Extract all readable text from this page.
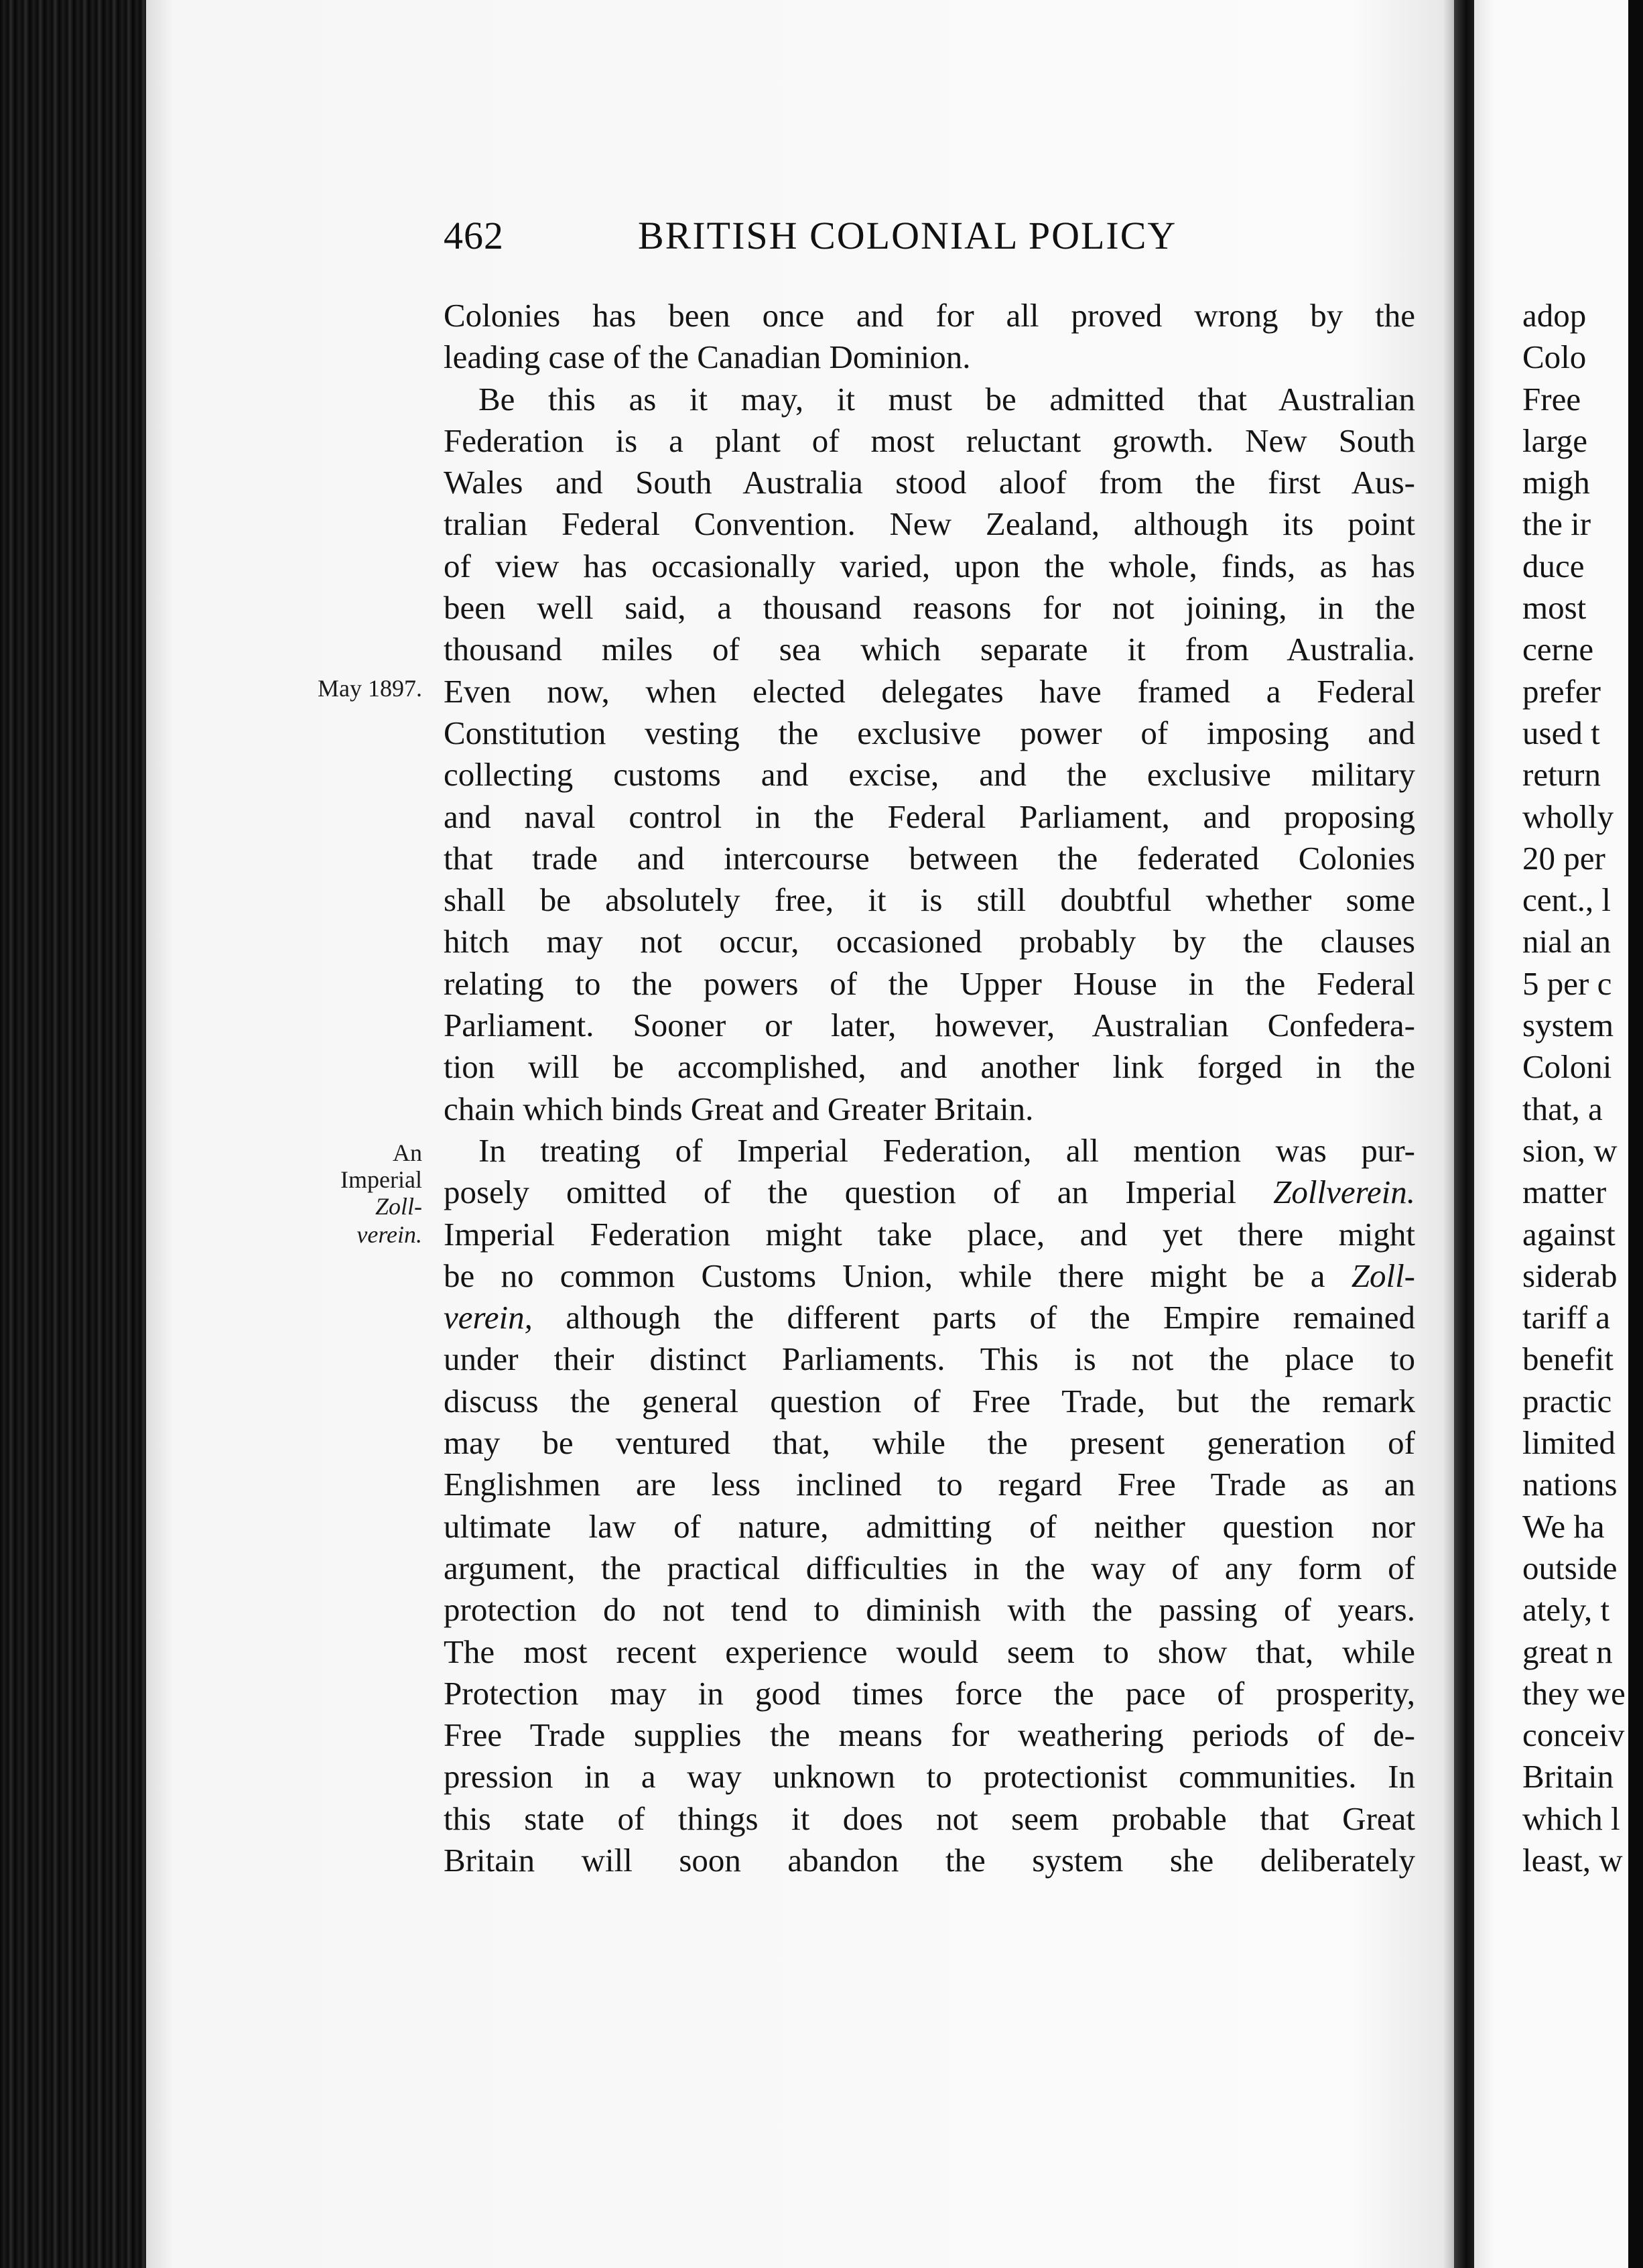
462	BRITISH COLONIAL POLICY
May 1897.
An
Imperial
Zoll-
verein.
Colonies has been once and for all proved wrong by the
leading case of the Canadian Dominion.
Be this as it may, it must be admitted that Australian
Federation is a plant of most reluctant growth. New South
Wales and South Australia stood aloof from the first Aus-
tralian Federal Convention. New Zealand, although its point
of view has occasionally varied, upon the whole, finds, as has
been well said, a thousand reasons for not joining, in the
thousand miles of sea which separate it from Australia.
Even now, when elected delegates have framed a Federal
Constitution vesting the exclusive power of imposing and
collecting customs and excise, and the exclusive military
and naval control in the Federal Parliament, and proposing
that trade and intercourse between the federated Colonies
shall be absolutely free, it is still doubtful whether some
hitch may not occur, occasioned probably by the clauses
relating to the powers of the Upper House in the Federal
Parliament. Sooner or later, however, Australian Confedera-
tion will be accomplished, and another link forged in the
chain which binds Great and Greater Britain.
In treating of Imperial Federation, all mention was pur-
posely omitted of the question of an Imperial Zollverein.
Imperial Federation might take place, and yet there might
be no common Customs Union, while there might be a Zoll-
verein, although the different parts of the Empire remained
under their distinct Parliaments. This is not the place to
discuss the general question of Free Trade, but the remark
may be ventured that, while the present generation of
Englishmen are less inclined to regard Free Trade as an
ultimate law of nature, admitting of neither question nor
argument, the practical difficulties in the way of any form of
protection do not tend to diminish with the passing of years.
The most recent experience would seem to show that, while
Protection may in good times force the pace of prosperity,
Free Trade supplies the means for weathering periods of de-
pression in a way unknown to protectionist communities. In
this state of things it does not seem probable that Great
Britain will soon abandon the system she deliberately
adop
Colo
Free
large
migh
the ir
duce
most
cerne
prefer
used t
return
wholly
20 per
cent., l
nial an
5 per c
system
Coloni
that, a
sion, w
matter
against
siderab
tariff a
benefit
practic
limited
nations
We ha
outside
ately, t
great n
they we
conceiv
Britain
which l
least, w
